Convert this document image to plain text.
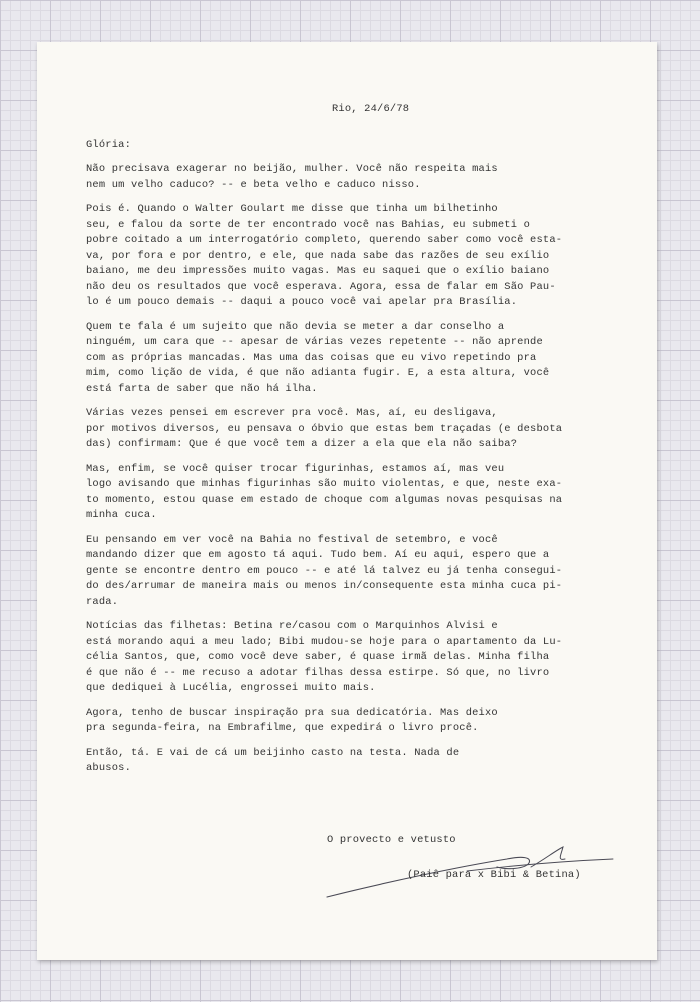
Rio, 24/6/78
Glória:
Não precisava exagerar no beijão, mulher. Você não respeita mais
nem um velho caduco? -- e beta velho e caduco nisso.
Pois é. Quando o Walter Goulart me disse que tinha um bilhetinho
seu, e falou da sorte de ter encontrado você nas Bahias, eu submeti o
pobre coitado a um interrogatório completo, querendo saber como você esta-
va, por fora e por dentro, e ele, que nada sabe das razões de seu exílio
baiano, me deu impressões muito vagas. Mas eu saquei que o exílio baiano
não deu os resultados que você esperava. Agora, essa de falar em São Pau-
lo é um pouco demais -- daqui a pouco você vai apelar pra Brasília.
Quem te fala é um sujeito que não devia se meter a dar conselho a
ninguém, um cara que -- apesar de várias vezes repetente -- não aprende
com as próprias mancadas. Mas uma das coisas que eu vivo repetindo pra
mim, como lição de vida, é que não adianta fugir. E, a esta altura, você
está farta de saber que não há ilha.
Várias vezes pensei em escrever pra você. Mas, aí, eu desligava,
por motivos diversos, eu pensava o óbvio que estas bem traçadas (e desbota
das) confirmam: Que é que você tem a dizer a ela que ela não saiba?
Mas, enfim, se você quiser trocar figurinhas, estamos aí, mas veu
logo avisando que minhas figurinhas são muito violentas, e que, neste exa-
to momento, estou quase em estado de choque com algumas novas pesquisas na
minha cuca.
Eu pensando em ver você na Bahia no festival de setembro, e você
mandando dizer que em agosto tá aqui. Tudo bem. Aí eu aqui, espero que a
gente se encontre dentro em pouco -- e até lá talvez eu já tenha consegui-
do des/arrumar de maneira mais ou menos in/consequente esta minha cuca pi-
rada.
Notícias das filhetas: Betina re/casou com o Marquinhos Alvisi e
está morando aqui a meu lado; Bibi mudou-se hoje para o apartamento da Lu-
célia Santos, que, como você deve saber, é quase irmã delas. Minha filha
é que não é -- me recuso a adotar filhas dessa estirpe. Só que, no livro
que dediquei à Lucélia, engrossei muito mais.
Agora, tenho de buscar inspiração pra sua dedicatória. Mas deixo
pra segunda-feira, na Embrafilme, que expedirá o livro procê.
Então, tá. E vai de cá um beijinho casto na testa. Nada de
abusos.
O provecto e vetusto
(Paiê para x Bibi & Betina)
